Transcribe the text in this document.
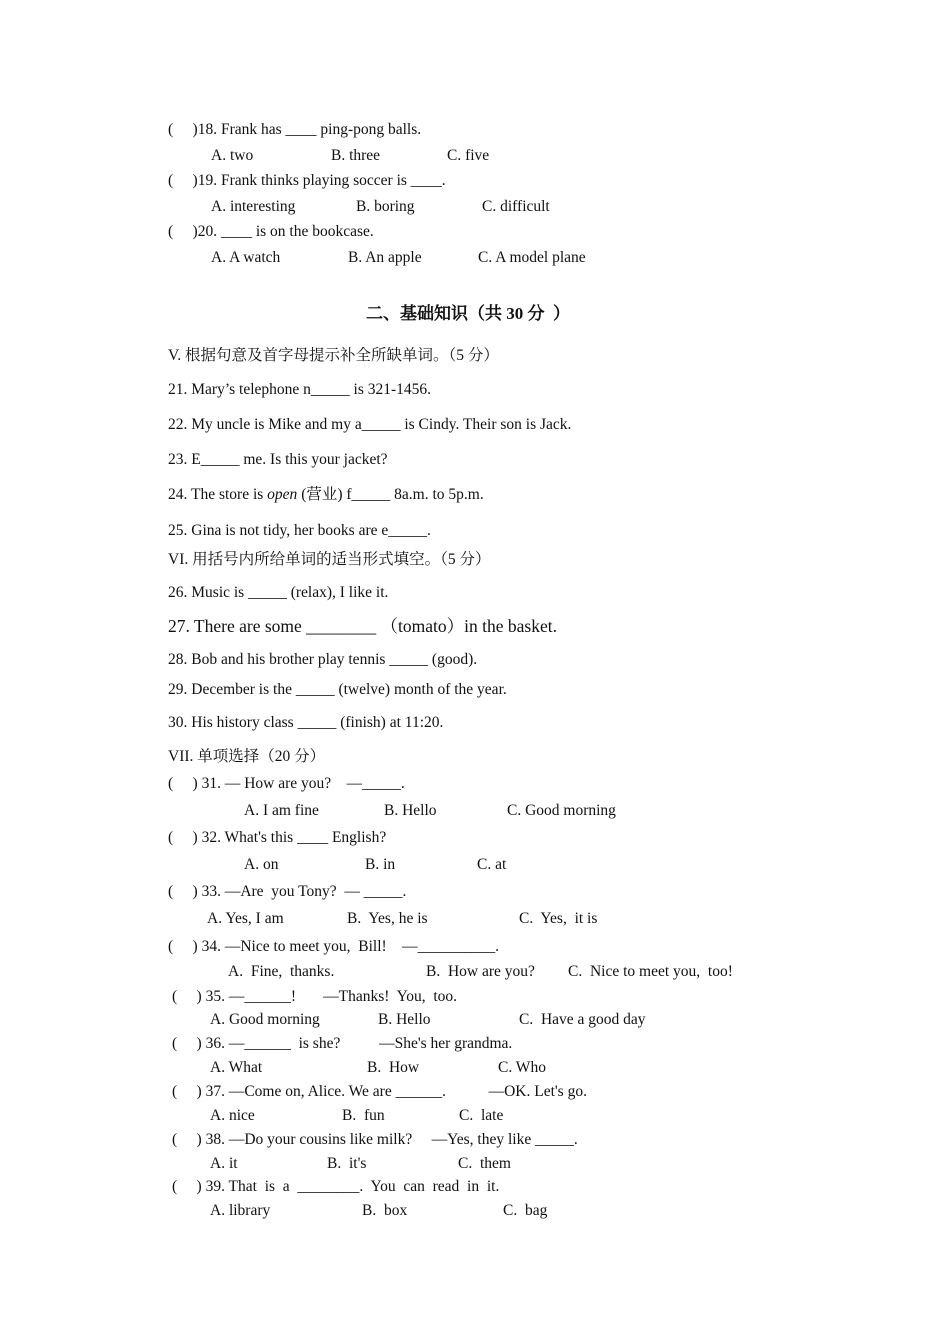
(     )18. Frank has ____ ping-pong balls.
A. two	B. three	C. five
(     )19. Frank thinks playing soccer is ____.
A. interesting	B. boring	C. difficult
(     )20. ____ is on the bookcase.
A. A watch	B. An apple	C. A model plane
二、基础知识（共 30 分  ）
V. 根据句意及首字母提示补全所缺单词。（5 分）
21. Mary’s telephone n_____ is 321-1456.
22. My uncle is Mike and my a_____ is Cindy. Their son is Jack.
23. E_____ me. Is this your jacket?
24. The store is open (营业) f_____ 8a.m. to 5p.m.
25. Gina is not tidy, her books are e_____.
VI. 用括号内所给单词的适当形式填空。（5 分）
26. Music is _____ (relax), I like it.
27. There are some ________ （tomato）in the basket.
28. Bob and his brother play tennis _____ (good).
29. December is the _____ (twelve) month of the year.
30. His history class _____ (finish) at 11:20.
VII. 单项选择（20 分）
(     ) 31. — How are you?    —_____.
A. I am fine	B. Hello	C. Good morning
(     ) 32. What's this ____ English?
A. on	B. in	C. at
(     ) 33. —Are  you Tony?  — _____.
A. Yes, I am	B.  Yes, he is	C.  Yes,  it is
(     ) 34. —Nice to meet you,  Bill!    —__________.
A.  Fine,  thanks.	B.  How are you? C.  Nice to meet you,  too!
(     ) 35. —______!       —Thanks!  You,  too.
A. Good morning	B. Hello	C.  Have a good day
(     ) 36. —______  is she?          —She's her grandma.
A. What	B.  How	C. Who
(     ) 37. —Come on, Alice. We are ______.           —OK. Let's go.
A. nice	B.  fun	C.  late
(     ) 38. —Do your cousins like milk?     —Yes, they like _____.
A. it	B.  it's	C.  them
(     ) 39. That  is  a  ________.  You  can  read  in  it.
A. library	B.  box	C.  bag
